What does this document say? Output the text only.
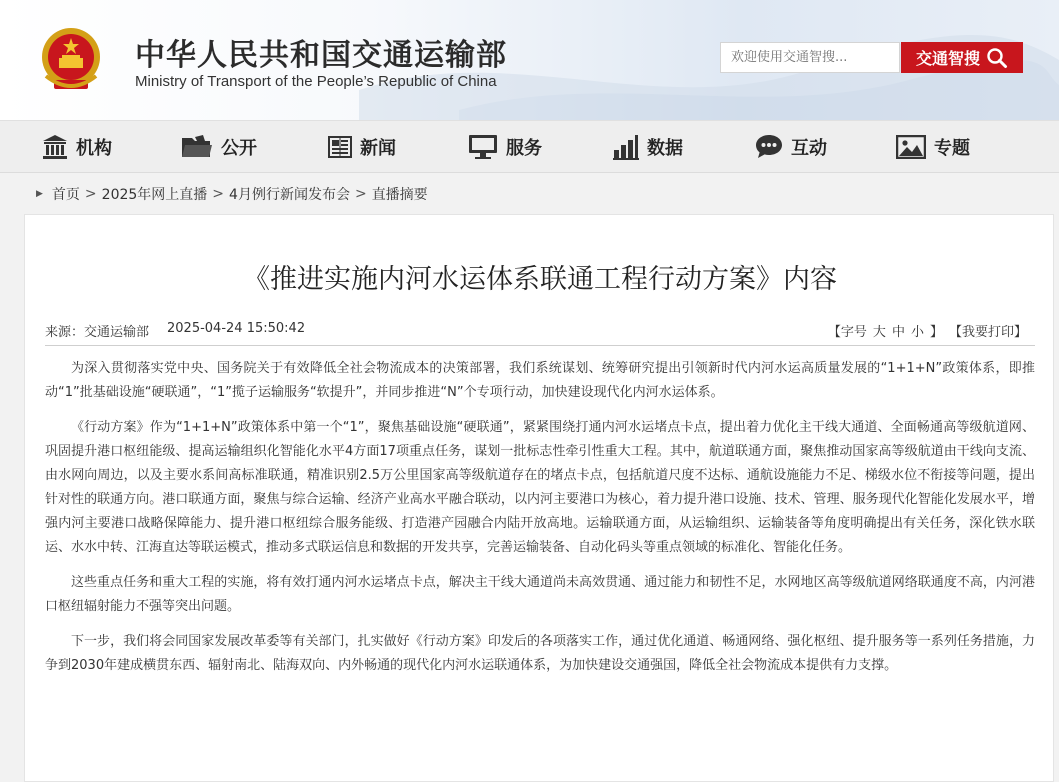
中华人民共和国交通运输部
Ministry of Transport of the People’s Republic of China
欢迎使用交通智搜...
交通智搜
机构	公开	新闻	服务	数据	互动	专题
▶ 首页 > 2025年网上直播 > 4月例行新闻发布会 > 直播摘要
《推进实施内河水运体系联通工程行动方案》内容
来源：交通运输部 2025-04-24 15:50:42	【字号 大 中 小 】 【我要打印】

为深入贯彻落实党中央、国务院关于有效降低全社会物流成本的决策部署，我们系统谋划、统筹研究提出引领新时代内河水运高质量发展的“1+1+N”政策体系，即推动“1”批基础设施“硬联通”，“1”揽子运输服务“软提升”，并同步推进“N”个专项行动，加快建设现代化内河水运体系。

《行动方案》作为“1+1+N”政策体系中第一个“1”，聚焦基础设施“硬联通”，紧紧围绕打通内河水运堵点卡点，提出着力优化主干线大通道、全面畅通高等级航道网、巩固提升港口枢纽能级、提高运输组织化智能化水平4方面17项重点任务，谋划一批标志性牵引性重大工程。其中，航道联通方面，聚焦推动国家高等级航道由干线向支流、由水网向周边，以及主要水系间高标准联通，精准识别2.5万公里国家高等级航道存在的堵点卡点，包括航道尺度不达标、通航设施能力不足、梯级水位不衔接等问题，提出针对性的联通方向。港口联通方面，聚焦与综合运输、经济产业高水平融合联动，以内河主要港口为核心，着力提升港口设施、技术、管理、服务现代化智能化发展水平，增强内河主要港口战略保障能力、提升港口枢纽综合服务能级、打造港产园融合内陆开放高地。运输联通方面，从运输组织、运输装备等角度明确提出有关任务，深化铁水联运、水水中转、江海直达等联运模式，推动多式联运信息和数据的开发共享，完善运输装备、自动化码头等重点领域的标准化、智能化任务。

这些重点任务和重大工程的实施，将有效打通内河水运堵点卡点，解决主干线大通道尚未高效贯通、通过能力和韧性不足，水网地区高等级航道网络联通度不高，内河港口枢纽辐射能力不强等突出问题。

下一步，我们将会同国家发展改革委等有关部门，扎实做好《行动方案》印发后的各项落实工作，通过优化通道、畅通网络、强化枢纽、提升服务等一系列任务措施，力争到2030年建成横贯东西、辐射南北、陆海双向、内外畅通的现代化内河水运联通体系，为加快建设交通强国，降低全社会物流成本提供有力支撑。
